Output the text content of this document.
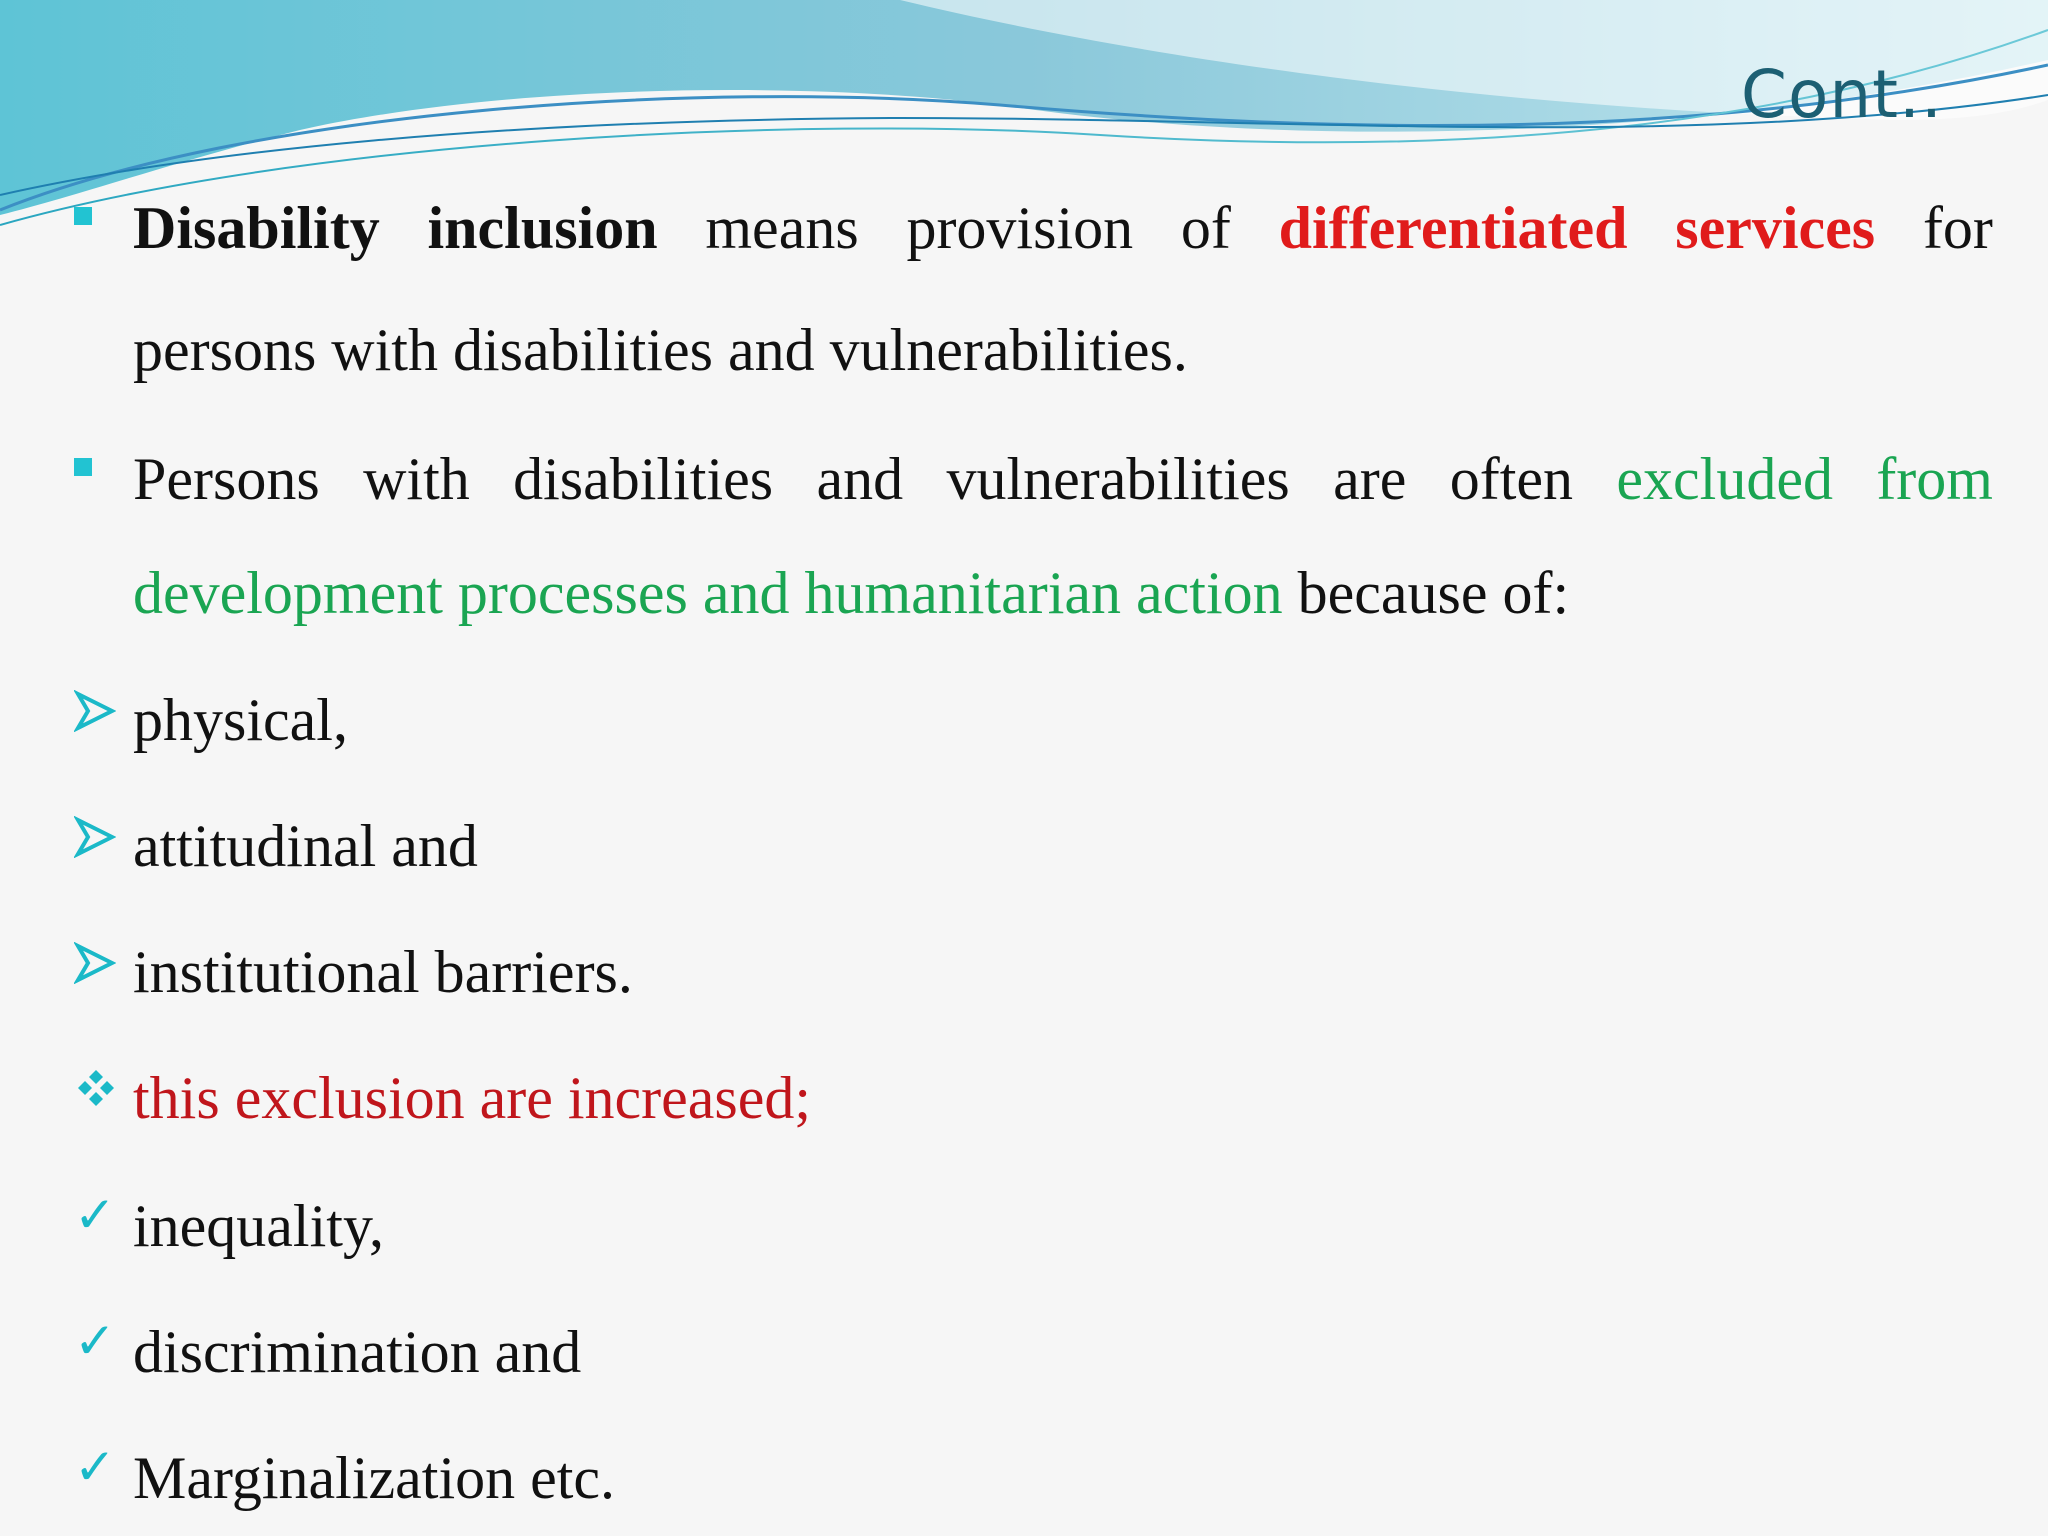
Cont..
Disability inclusion means provision of differentiated services for
persons with disabilities and vulnerabilities.
Persons with disabilities and vulnerabilities are often excluded from
development processes and humanitarian action because of:
physical,
attitudinal and
institutional barriers.
this exclusion are increased;
✓ inequality,
✓ discrimination and
✓ Marginalization etc.
